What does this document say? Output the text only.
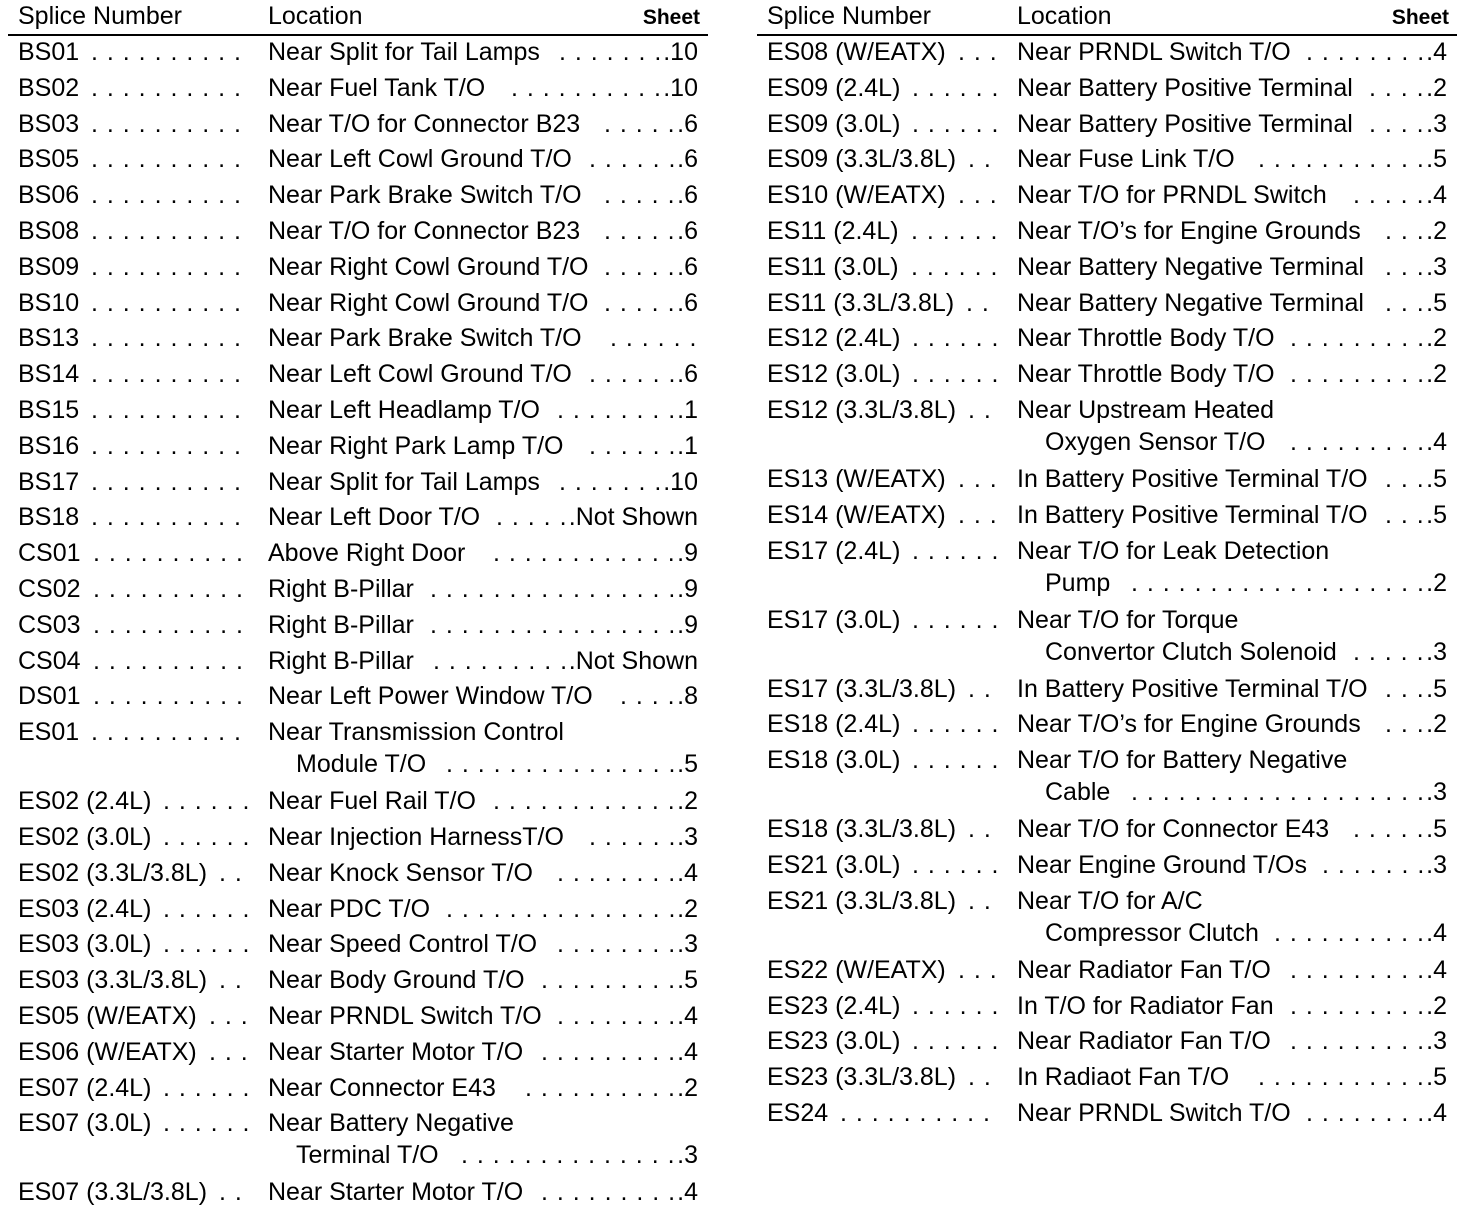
Splice Number	Location	Sheet
BS01 . . . . . . . . . . Near Split for Tail Lamps . . . . . . . .10
BS02 . . . . . . . . . . Near Fuel Tank T/O . . . . . . . . . . .10
BS03 . . . . . . . . . . Near T/O for Connector B23 . . . . . .6
BS05 . . . . . . . . . . Near Left Cowl Ground T/O . . . . . . .6
BS06 . . . . . . . . . . Near Park Brake Switch T/O . . . . . .6
BS08 . . . . . . . . . . Near T/O for Connector B23 . . . . . .6
BS09 . . . . . . . . . . Near Right Cowl Ground T/O . . . . . .6
BS10 . . . . . . . . . . Near Right Cowl Ground T/O . . . . . .6
BS13 . . . . . . . . . . Near Park Brake Switch T/O . . . . . .
BS14 . . . . . . . . . . Near Left Cowl Ground T/O . . . . . . .6
BS15 . . . . . . . . . . Near Left Headlamp T/O . . . . . . . . .1
BS16 . . . . . . . . . . Near Right Park Lamp T/O . . . . . . .1
BS17 . . . . . . . . . . Near Split for Tail Lamps . . . . . . . .10
BS18 . . . . . . . . . . Near Left Door T/O . . . . . .Not Shown
CS01 . . . . . . . . . . Above Right Door . . . . . . . . . . . . .9
CS02 . . . . . . . . . . Right B-Pillar . . . . . . . . . . . . . . . . .9
CS03 . . . . . . . . . . Right B-Pillar . . . . . . . . . . . . . . . . .9
CS04 . . . . . . . . . . Right B-Pillar . . . . . . . . . .Not Shown
DS01 . . . . . . . . . . Near Left Power Window T/O . . . . .8
ES01 . . . . . . . . . . Near Transmission Control
Module T/O . . . . . . . . . . . . . . . .5
ES02 (2.4L) . . . . . . Near Fuel Rail T/O . . . . . . . . . . . . .2
ES02 (3.0L) . . . . . . Near Injection HarnessT/O . . . . . . .3
ES02 (3.3L/3.8L) . . Near Knock Sensor T/O . . . . . . . . .4
ES03 (2.4L) . . . . . . Near PDC T/O . . . . . . . . . . . . . . . .2
ES03 (3.0L) . . . . . . Near Speed Control T/O . . . . . . . . .3
ES03 (3.3L/3.8L) . . Near Body Ground T/O . . . . . . . . . .5
ES05 (W/EATX) . . . Near PRNDL Switch T/O . . . . . . . . .4
ES06 (W/EATX) . . . Near Starter Motor T/O . . . . . . . . . .4
ES07 (2.4L) . . . . . . Near Connector E43 . . . . . . . . . . .2
ES07 (3.0L) . . . . . . Near Battery Negative
Terminal T/O . . . . . . . . . . . . . . .3
ES07 (3.3L/3.8L) . . Near Starter Motor T/O . . . . . . . . . .4
Splice Number	Location	Sheet
ES08 (W/EATX) . . . Near PRNDL Switch T/O . . . . . . . . .4
ES09 (2.4L) . . . . . . Near Battery Positive Terminal . . . . .2
ES09 (3.0L) . . . . . . Near Battery Positive Terminal . . . . .3
ES09 (3.3L/3.8L) . . Near Fuse Link T/O . . . . . . . . . . . .5
ES10 (W/EATX) . . . Near T/O for PRNDL Switch . . . . . .4
ES11 (2.4L) . . . . . . Near T/O’s for Engine Grounds . . . .2
ES11 (3.0L) . . . . . . Near Battery Negative Terminal . . . .3
ES11 (3.3L/3.8L) . . Near Battery Negative Terminal . . . .5
ES12 (2.4L) . . . . . . Near Throttle Body T/O . . . . . . . . . .2
ES12 (3.0L) . . . . . . Near Throttle Body T/O . . . . . . . . . .2
ES12 (3.3L/3.8L) . . Near Upstream Heated
Oxygen Sensor T/O . . . . . . . . . .4
ES13 (W/EATX) . . . In Battery Positive Terminal T/O . . . .5
ES14 (W/EATX) . . . In Battery Positive Terminal T/O . . . .5
ES17 (2.4L) . . . . . . Near T/O for Leak Detection
Pump . . . . . . . . . . . . . . . . . . . .2
ES17 (3.0L) . . . . . . Near T/O for Torque
Convertor Clutch Solenoid . . . . . .3
ES17 (3.3L/3.8L) . . In Battery Positive Terminal T/O . . . .5
ES18 (2.4L) . . . . . . Near T/O’s for Engine Grounds . . . .2
ES18 (3.0L) . . . . . . Near T/O for Battery Negative
Cable . . . . . . . . . . . . . . . . . . . .3
ES18 (3.3L/3.8L) . . Near T/O for Connector E43 . . . . . .5
ES21 (3.0L) . . . . . . Near Engine Ground T/Os . . . . . . . .3
ES21 (3.3L/3.8L) . . Near T/O for A/C
Compressor Clutch . . . . . . . . . . .4
ES22 (W/EATX) . . . Near Radiator Fan T/O . . . . . . . . . .4
ES23 (2.4L) . . . . . . In T/O for Radiator Fan . . . . . . . . . .2
ES23 (3.0L) . . . . . . Near Radiator Fan T/O . . . . . . . . . .3
ES23 (3.3L/3.8L) . . In Radiaot Fan T/O . . . . . . . . . . . .5
ES24 . . . . . . . . . . Near PRNDL Switch T/O . . . . . . . . .4
